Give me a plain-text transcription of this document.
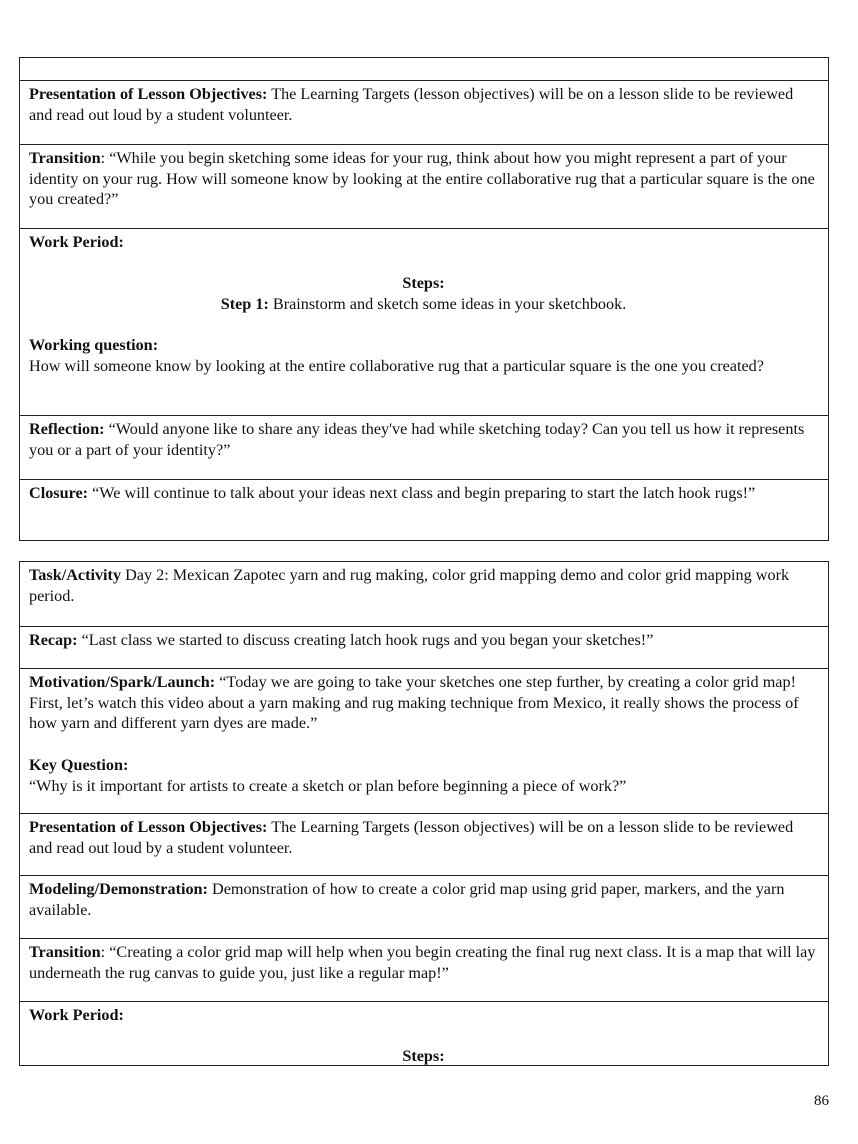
Presentation of Lesson Objectives: The Learning Targets (lesson objectives) will be on a lesson slide to be reviewed and read out loud by a student volunteer.
Transition: “While you begin sketching some ideas for your rug, think about how you might represent a part of your identity on your rug. How will someone know by looking at the entire collaborative rug that a particular square is the one you created?”
Work Period:
Steps:
Step 1: Brainstorm and sketch some ideas in your sketchbook.
Working question:
How will someone know by looking at the entire collaborative rug that a particular square is the one you created?
Reflection: “Would anyone like to share any ideas they've had while sketching today? Can you tell us how it represents you or a part of your identity?”
Closure: “We will continue to talk about your ideas next class and begin preparing to start the latch hook rugs!”
Task/Activity Day 2: Mexican Zapotec yarn and rug making, color grid mapping demo and color grid mapping work period.
Recap: “Last class we started to discuss creating latch hook rugs and you began your sketches!”
Motivation/Spark/Launch: “Today we are going to take your sketches one step further, by creating a color grid map! First, let’s watch this video about a yarn making and rug making technique from Mexico, it really shows the process of how yarn and different yarn dyes are made.”
Key Question:
“Why is it important for artists to create a sketch or plan before beginning a piece of work?”
Presentation of Lesson Objectives: The Learning Targets (lesson objectives) will be on a lesson slide to be reviewed and read out loud by a student volunteer.
Modeling/Demonstration: Demonstration of how to create a color grid map using grid paper, markers, and the yarn available.
Transition: “Creating a color grid map will help when you begin creating the final rug next class. It is a map that will lay underneath the rug canvas to guide you, just like a regular map!”
Work Period:
Steps:
86
